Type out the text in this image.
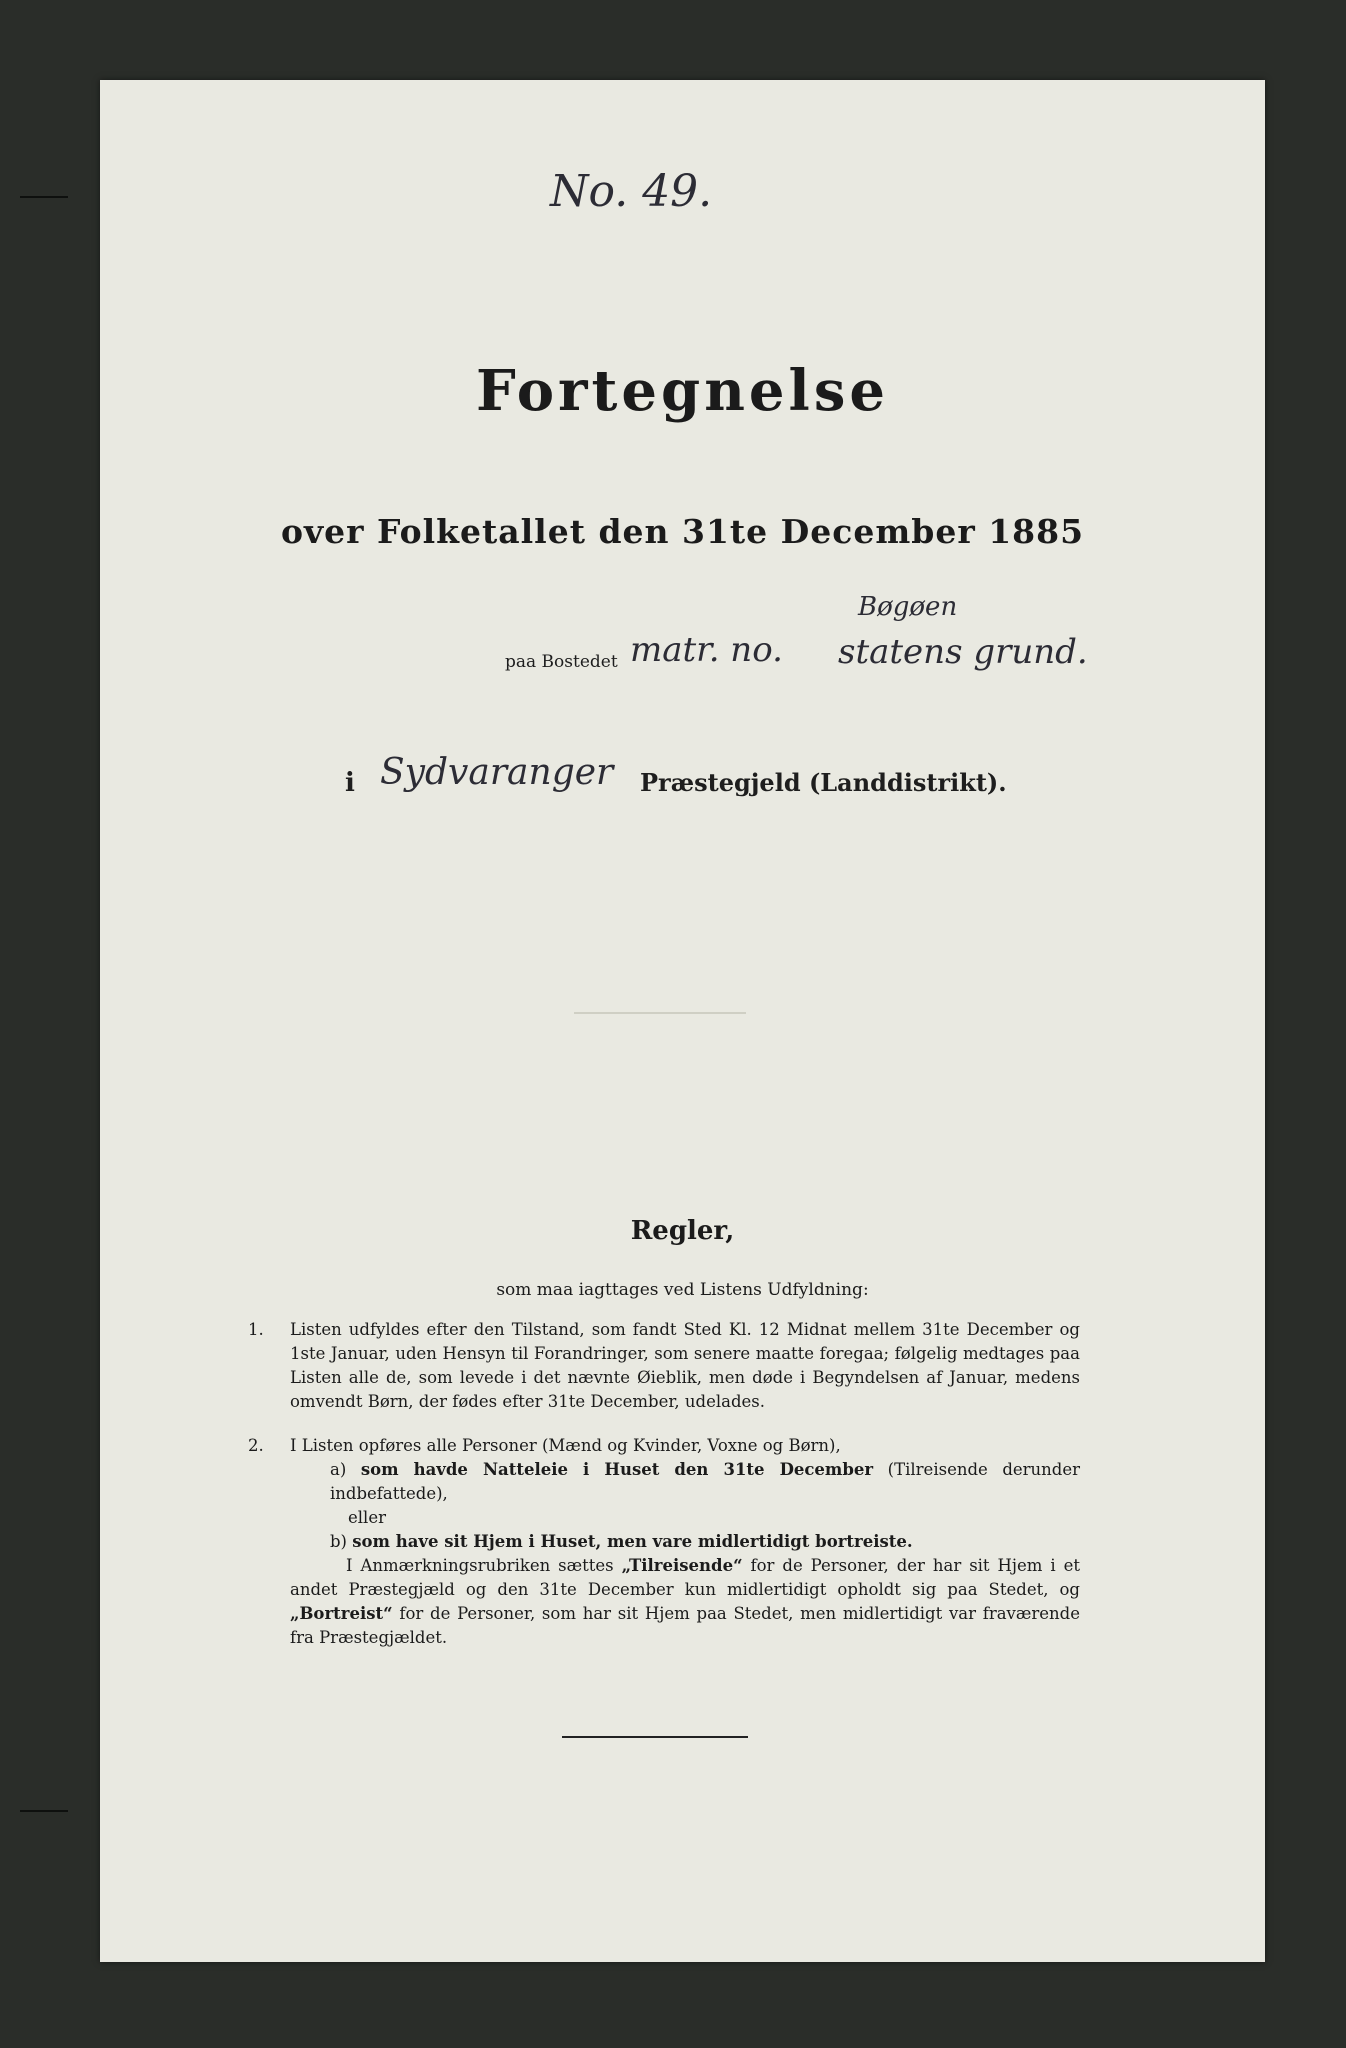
No. 49.
Fortegnelse
over Folketallet den 31te December 1885
paa Bostedet matr. no.
Bøgøen
statens grund.
i Sydvaranger Præstegjeld (Landdistrikt).
Regler,
som maa iagttages ved Listens Udfyldning:
1. Listen udfyldes efter den Tilstand, som fandt Sted Kl. 12 Midnat mellem 31te December og 1ste Januar, uden Hensyn til Forandringer, som senere maatte foregaa; følgelig medtages paa Listen alle de, som levede i det nævnte Øieblik, men døde i Begyndelsen af Januar, medens omvendt Børn, der fødes efter 31te December, udelades.
2. I Listen opføres alle Personer (Mænd og Kvinder, Voxne og Børn),
a) som havde Natteleie i Huset den 31te December (Tilreisende derunder indbefattede),
eller
b) som have sit Hjem i Huset, men vare midlertidigt bortreiste.
I Anmærkningsrubriken sættes „Tilreisende“ for de Personer, der har sit Hjem i et andet Præstegjæld og den 31te December kun midlertidigt opholdt sig paa Stedet, og „Bortreist“ for de Personer, som har sit Hjem paa Stedet, men midlertidigt var fraværende fra Præstegjældet.
